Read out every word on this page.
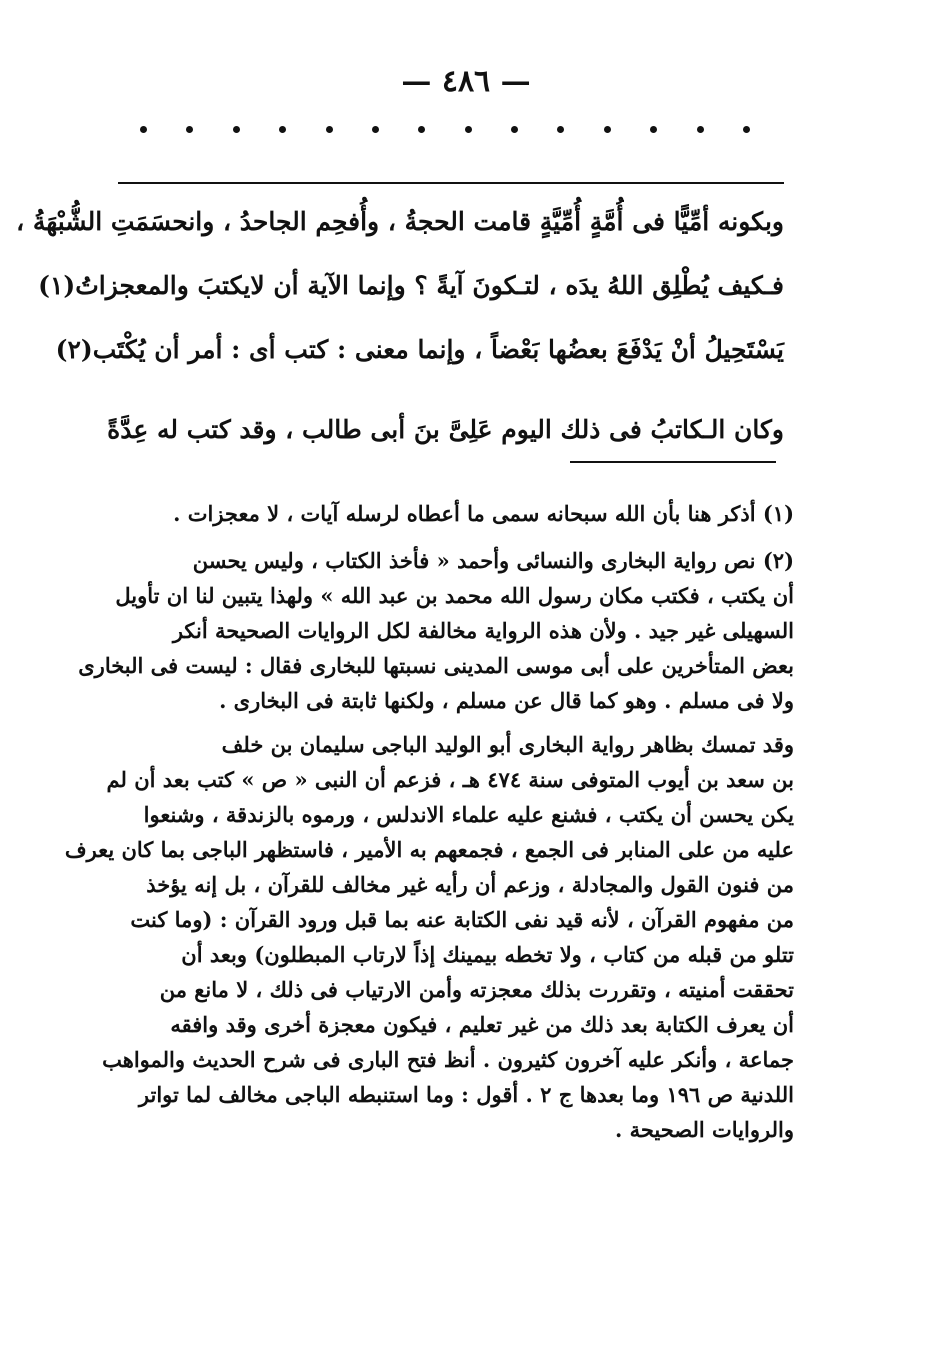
— ٤٨٦ —
وبكونه أمِّيًّا فى أُمَّةٍ أُمِّيَّةٍ قامت الحجةُ ، وأُفحِم الجاحدُ ، وانحسَمَتِ الشُّبْهَةُ ،
فـكيف يُطْلِق اللهُ يدَه ، لتـكونَ آيةً ؟ وإنما الآية أن لايكتبَ والمعجزاتُ(١)
يَسْتَحِيلُ أنْ يَدْفَعَ بعضُها بَعْضاً ، وإنما معنى : كتب أى : أمر أن يُكْتَب(٢)
وكان الـكاتبُ فى ذلك اليوم عَلِىَّ بنَ أبى طالب ، وقد كتب له عِدَّةً
(١) أذكر هنا بأن الله سبحانه سمى ما أعطاه لرسله آيات ، لا معجزات .
(٢) نص رواية البخارى والنسائى وأحمد « فأخذ الكتاب ، وليس يحسن
أن يكتب ، فكتب مكان رسول الله محمد بن عبد الله » ولهذا يتبين لنا ان تأويل
السهيلى غير جيد . ولأن هذه الرواية مخالفة لكل الروايات الصحيحة أنكر
بعض المتأخرين على أبى موسى المدينى نسبتها للبخارى فقال : ليست فى البخارى
ولا فى مسلم . وهو كما قال عن مسلم ، ولكنها ثابتة فى البخارى .
وقد تمسك بظاهر رواية البخارى أبو الوليد الباجى سليمان بن خلف
بن سعد بن أيوب المتوفى سنة ٤٧٤ هـ ، فزعم أن النبى « ص » كتب بعد أن لم
يكن يحسن أن يكتب ، فشنع عليه علماء الاندلس ، ورموه بالزندقة ، وشنعوا
عليه من على المنابر فى الجمع ، فجمعهم به الأمير ، فاستظهر الباجى بما كان يعرف
من فنون القول والمجادلة ، وزعم أن رأيه غير مخالف للقرآن ، بل إنه يؤخذ
من مفهوم القرآن ، لأنه قيد نفى الكتابة عنه بما قبل ورود القرآن : (وما كنت
تتلو من قبله من كتاب ، ولا تخطه بيمينك إذاً لارتاب المبطلون) وبعد أن
تحققت أمنيته ، وتقررت بذلك معجزته وأمن الارتياب فى ذلك ، لا مانع من
أن يعرف الكتابة بعد ذلك من غير تعليم ، فيكون معجزة أخرى وقد وافقه
جماعة ، وأنكر عليه آخرون كثيرون . أنظ فتح البارى فى شرح الحديث والمواهب
اللدنية ص ١٩٦ وما بعدها ج ٢ . أقول : وما استنبطه الباجى مخالف لما تواتر
والروايات الصحيحة .
